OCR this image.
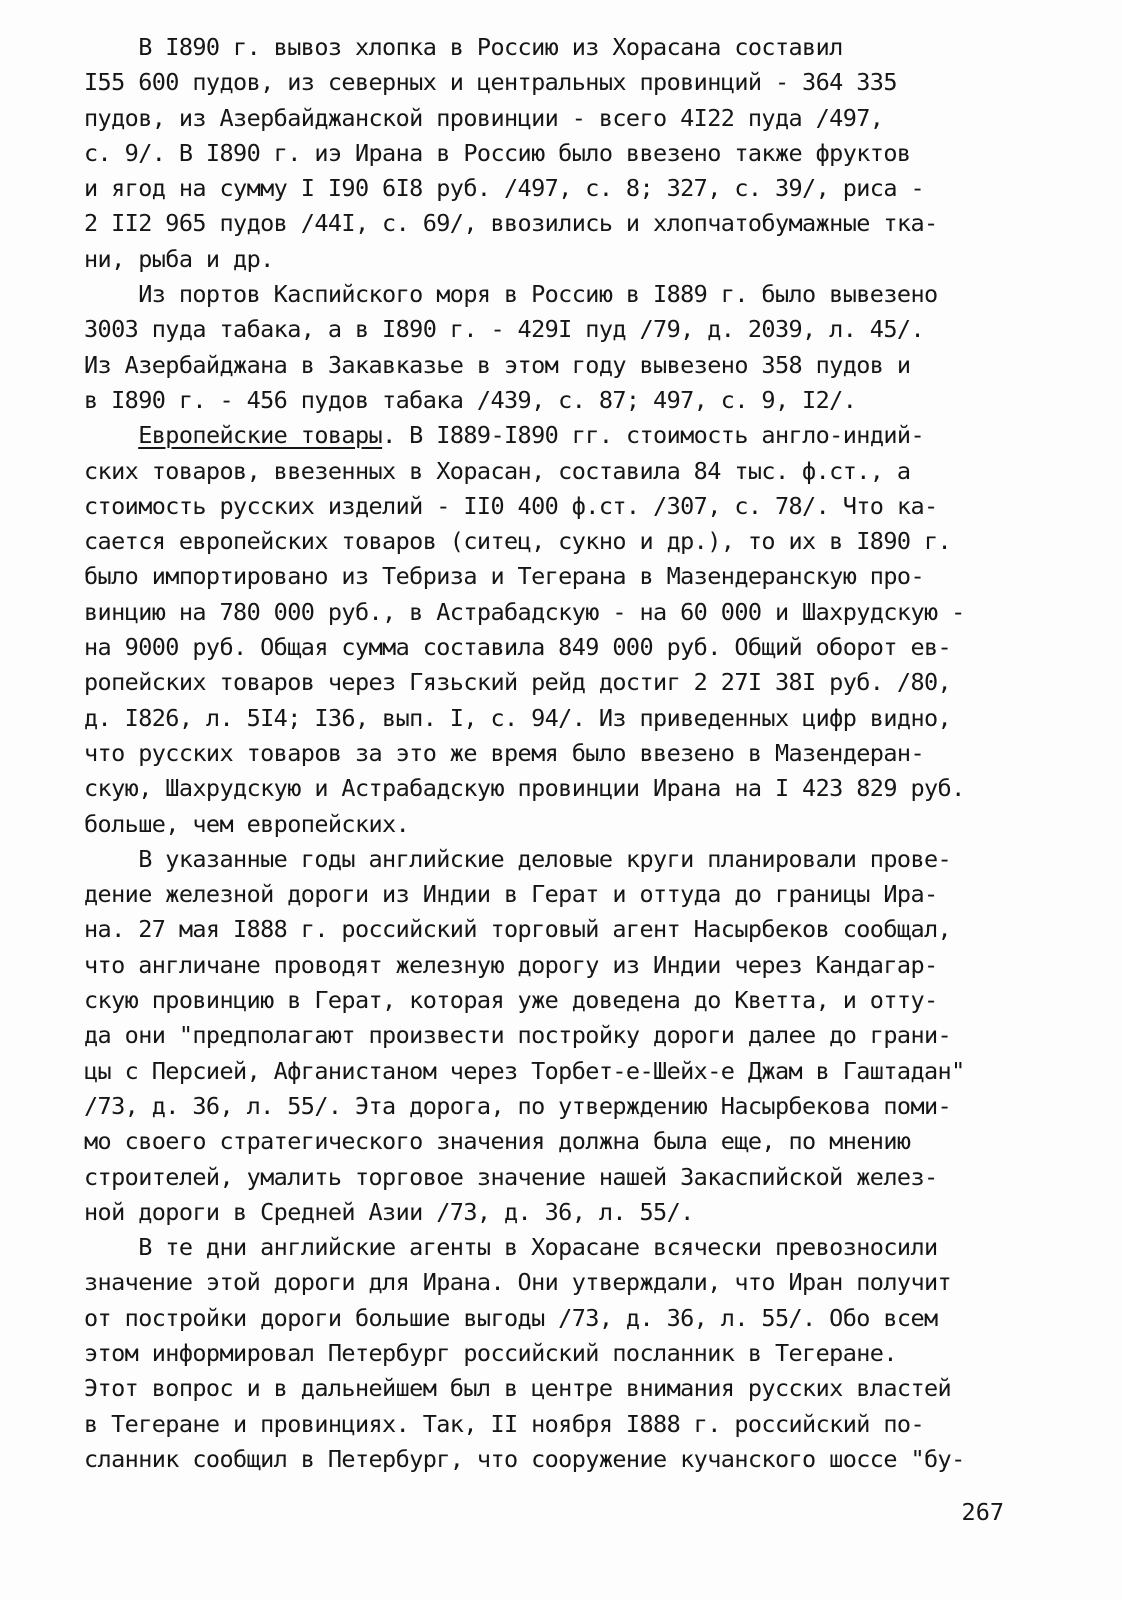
В I890 г. вывоз хлопка в Россию из Хорасана составил
I55 600 пудов, из северных и центральных провинций - 364 335
пудов, из Азербайджанской провинции - всего 4I22 пуда /497,
с. 9/. В I890 г. иэ Ирана в Россию было ввезено также фруктов
и ягод на сумму I I90 6I8 руб. /497, с. 8; 327, с. 39/, риса -
2 II2 965 пудов /44I, с. 69/, ввозились и хлопчатобумажные тка-
ни, рыба и др.
Из портов Каспийского моря в Россию в I889 г. было вывезено
3003 пуда табака, а в I890 г. - 429I пуд /79, д. 2039, л. 45/.
Из Азербайджана в Закавказье в этом году вывезено 358 пудов и
в I890 г. - 456 пудов табака /439, с. 87; 497, с. 9, I2/.
Европейские товары. В I889-I890 гг. стоимость англо-индий-
ских товаров, ввезенных в Хорасан, составила 84 тыс. ф.ст., а
стоимость русских изделий - II0 400 ф.ст. /307, с. 78/. Что ка-
сается европейских товаров (ситец, сукно и др.), то их в I890 г.
было импортировано из Тебриза и Тегерана в Мазендеранскую про-
винцию на 780 000 руб., в Астрабадскую - на 60 000 и Шахрудскую -
на 9000 руб. Общая сумма составила 849 000 руб. Общий оборот ев-
ропейских товаров через Гязьский рейд достиг 2 27I 38I руб. /80,
д. I826, л. 5I4; I36, вып. I, с. 94/. Из приведенных цифр видно,
что русских товаров за это же время было ввезено в Мазендеран-
скую, Шахрудскую и Астрабадскую провинции Ирана на I 423 829 руб.
больше, чем европейских.
В указанные годы английские деловые круги планировали прове-
дение железной дороги из Индии в Герат и оттуда до границы Ира-
на. 27 мая I888 г. российский торговый агент Насырбеков сообщал,
что англичане проводят железную дорогу из Индии через Кандагар-
скую провинцию в Герат, которая уже доведена до Кветта, и отту-
да они "предполагают произвести постройку дороги далее до грани-
цы с Персией, Афганистаном через Торбет-е-Шейх-е Джам в Гаштадан"
/73, д. 36, л. 55/. Эта дорога, по утверждению Насырбекова поми-
мо своего стратегического значения должна была еще, по мнению
строителей, умалить торговое значение нашей Закаспийской желез-
ной дороги в Средней Азии /73, д. 36, л. 55/.
В те дни английские агенты в Хорасане всячески превозносили
значение этой дороги для Ирана. Они утверждали, что Иран получит
от постройки дороги большие выгоды /73, д. 36, л. 55/. Обо всем
этом информировал Петербург российский посланник в Тегеране.
Этот вопрос и в дальнейшем был в центре внимания русских властей
в Тегеране и провинциях. Так, II ноября I888 г. российский по-
сланник сообщил в Петербург, что сооружение кучанского шоссе "бу-
267
